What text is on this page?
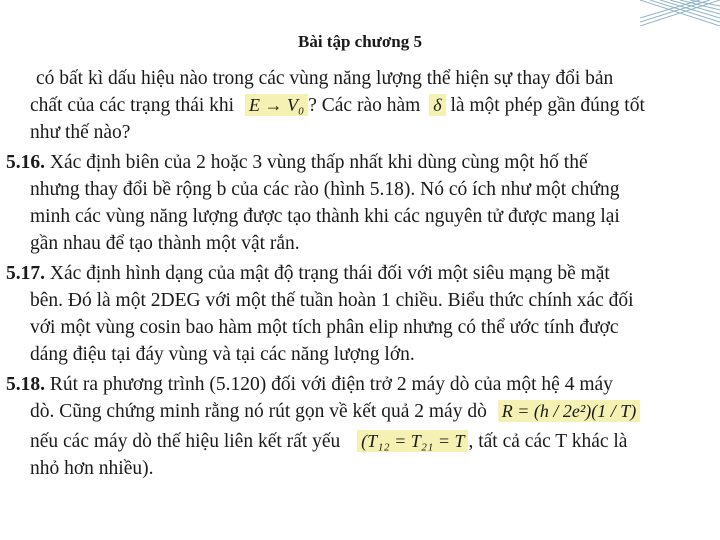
Bài tập chương 5
có bất kì dấu hiệu nào trong các vùng năng lượng thể hiện sự thay đổi bản
chất của các trạng thái khi E → V₀ ? Các rào hàm δ là một phép gần đúng tốt
như thế nào?
5.16. Xác định biên của 2 hoặc 3 vùng thấp nhất khi dùng cùng một hố thế
nhưng thay đổi bề rộng b của các rào (hình 5.18). Nó có ích như một chứng
minh các vùng năng lượng được tạo thành khi các nguyên tử được mang lại
gần nhau để tạo thành một vật rắn.
5.17. Xác định hình dạng của mật độ trạng thái đối với một siêu mạng bề mặt
bên. Đó là một 2DEG với một thế tuần hoàn 1 chiều. Biểu thức chính xác đối
với một vùng cosin bao hàm một tích phân elip nhưng có thể ước tính được
dáng điệu tại đáy vùng và tại các năng lượng lớn.
5.18. Rút ra phương trình (5.120) đối với điện trở 2 máy dò của một hệ 4 máy
dò. Cũng chứng minh rằng nó rút gọn về kết quả 2 máy dò R = (h / 2e²)(1 / T)
nếu các máy dò thế hiệu liên kết rất yếu (T₁₂ = T₂₁ = T , tất cả các T khác là
nhỏ hơn nhiều).
